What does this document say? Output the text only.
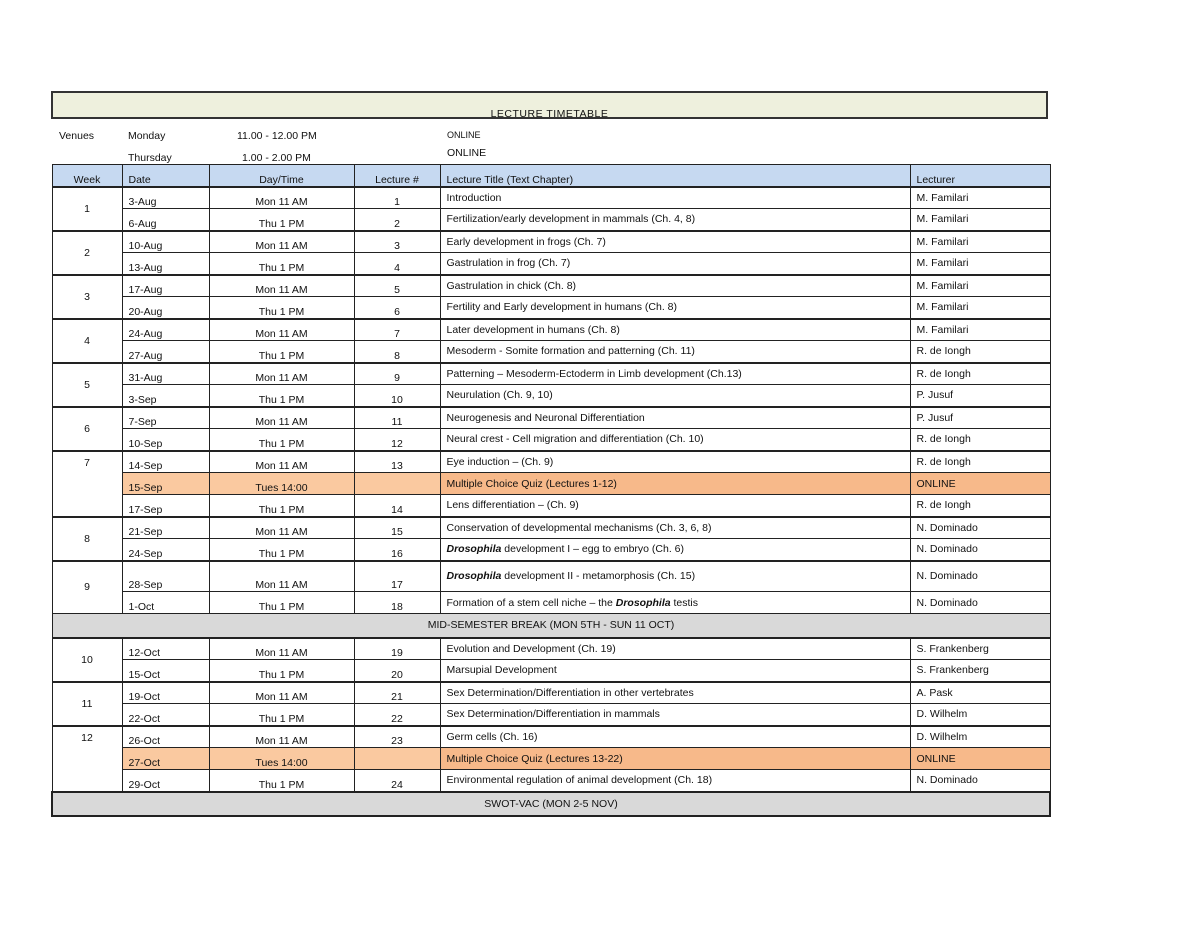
LECTURE TIMETABLE
Venues	Monday	11.00 - 12.00 PM	ONLINE
Thursday	1.00 - 2.00 PM	ONLINE
Week	Date	Day/Time	Lecture #	Lecture Title (Text Chapter)	Lecturer
1	3-Aug	Mon 11 AM	1	Introduction	M. Familari
	6-Aug	Thu 1 PM	2	Fertilization/early development in mammals (Ch. 4, 8)	M. Familari
2	10-Aug	Mon 11 AM	3	Early development in frogs (Ch. 7)	M. Familari
	13-Aug	Thu 1 PM	4	Gastrulation in frog (Ch. 7)	M. Familari
3	17-Aug	Mon 11 AM	5	Gastrulation in chick (Ch. 8)	M. Familari
	20-Aug	Thu 1 PM	6	Fertility and Early development in humans (Ch. 8)	M. Familari
4	24-Aug	Mon 11 AM	7	Later development in humans (Ch. 8)	M. Familari
	27-Aug	Thu 1 PM	8	Mesoderm - Somite formation and patterning (Ch. 11)	R. de Iongh
5	31-Aug	Mon 11 AM	9	Patterning – Mesoderm-Ectoderm in Limb development (Ch.13)	R. de Iongh
	3-Sep	Thu 1 PM	10	Neurulation (Ch. 9, 10)	P. Jusuf
6	7-Sep	Mon 11 AM	11	Neurogenesis and Neuronal Differentiation	P. Jusuf
	10-Sep	Thu 1 PM	12	Neural crest - Cell migration and differentiation (Ch. 10)	R. de Iongh
7	14-Sep	Mon 11 AM	13	Eye induction – (Ch. 9)	R. de Iongh
	15-Sep	Tues 14:00		Multiple Choice Quiz (Lectures 1-12)	ONLINE
	17-Sep	Thu 1 PM	14	Lens differentiation – (Ch. 9)	R. de Iongh
8	21-Sep	Mon 11 AM	15	Conservation of developmental mechanisms (Ch. 3, 6, 8)	N. Dominado
	24-Sep	Thu 1 PM	16	Drosophila development I – egg to embryo (Ch. 6)	N. Dominado
9	28-Sep	Mon 11 AM	17	Drosophila development II - metamorphosis (Ch. 15)	N. Dominado
	1-Oct	Thu 1 PM	18	Formation of a stem cell niche – the Drosophila testis	N. Dominado
MID-SEMESTER BREAK (MON 5TH - SUN 11 OCT)					
10	12-Oct	Mon 11 AM	19	Evolution and Development (Ch. 19)	S. Frankenberg
	15-Oct	Thu 1 PM	20	Marsupial Development	S. Frankenberg
11	19-Oct	Mon 11 AM	21	Sex Determination/Differentiation in other vertebrates	A. Pask
	22-Oct	Thu 1 PM	22	Sex Determination/Differentiation in mammals	D. Wilhelm
12	26-Oct	Mon 11 AM	23	Germ cells (Ch. 16)	D. Wilhelm
	27-Oct	Tues 14:00		Multiple Choice Quiz (Lectures 13-22)	ONLINE
	29-Oct	Thu 1 PM	24	Environmental regulation of animal development (Ch. 18)	N. Dominado
SWOT-VAC (MON 2-5 NOV)					
